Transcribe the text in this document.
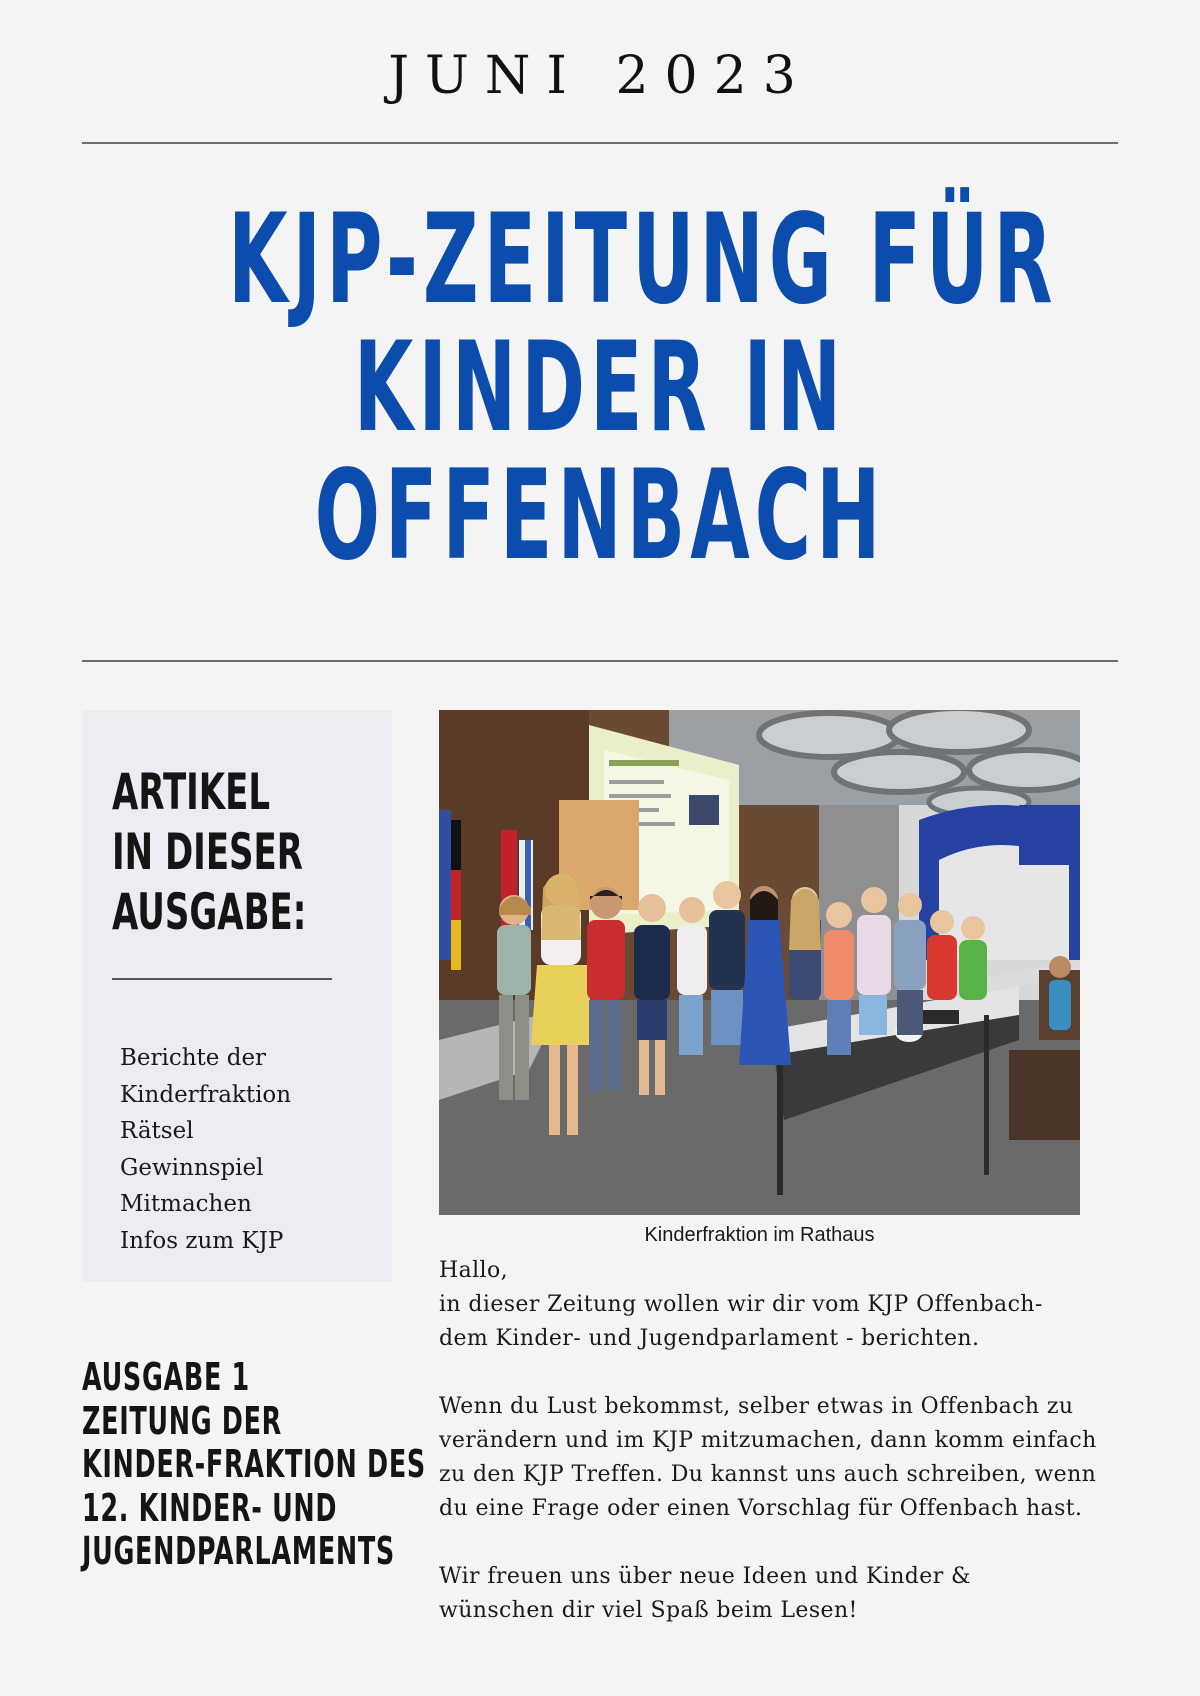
JUNI 2023
KJP-ZEITUNG FÜR
KINDER IN
OFFENBACH
ARTIKEL
IN DIESER
AUSGABE:
Berichte der
Kinderfraktion
Rätsel
Gewinnspiel
Mitmachen
Infos zum KJP
AUSGABE 1
ZEITUNG DER
KINDER-FRAKTION DES
12. KINDER- UND
JUGENDPARLAMENTS
Kinderfraktion im Rathaus

Hallo,
in dieser Zeitung wollen wir dir vom KJP Offenbach-
dem Kinder- und Jugendparlament - berichten.

Wenn du Lust bekommst, selber etwas in Offenbach zu
verändern und im KJP mitzumachen, dann komm einfach
zu den KJP Treffen. Du kannst uns auch schreiben, wenn
du eine Frage oder einen Vorschlag für Offenbach hast.

Wir freuen uns über neue Ideen und Kinder &
wünschen dir viel Spaß beim Lesen!
